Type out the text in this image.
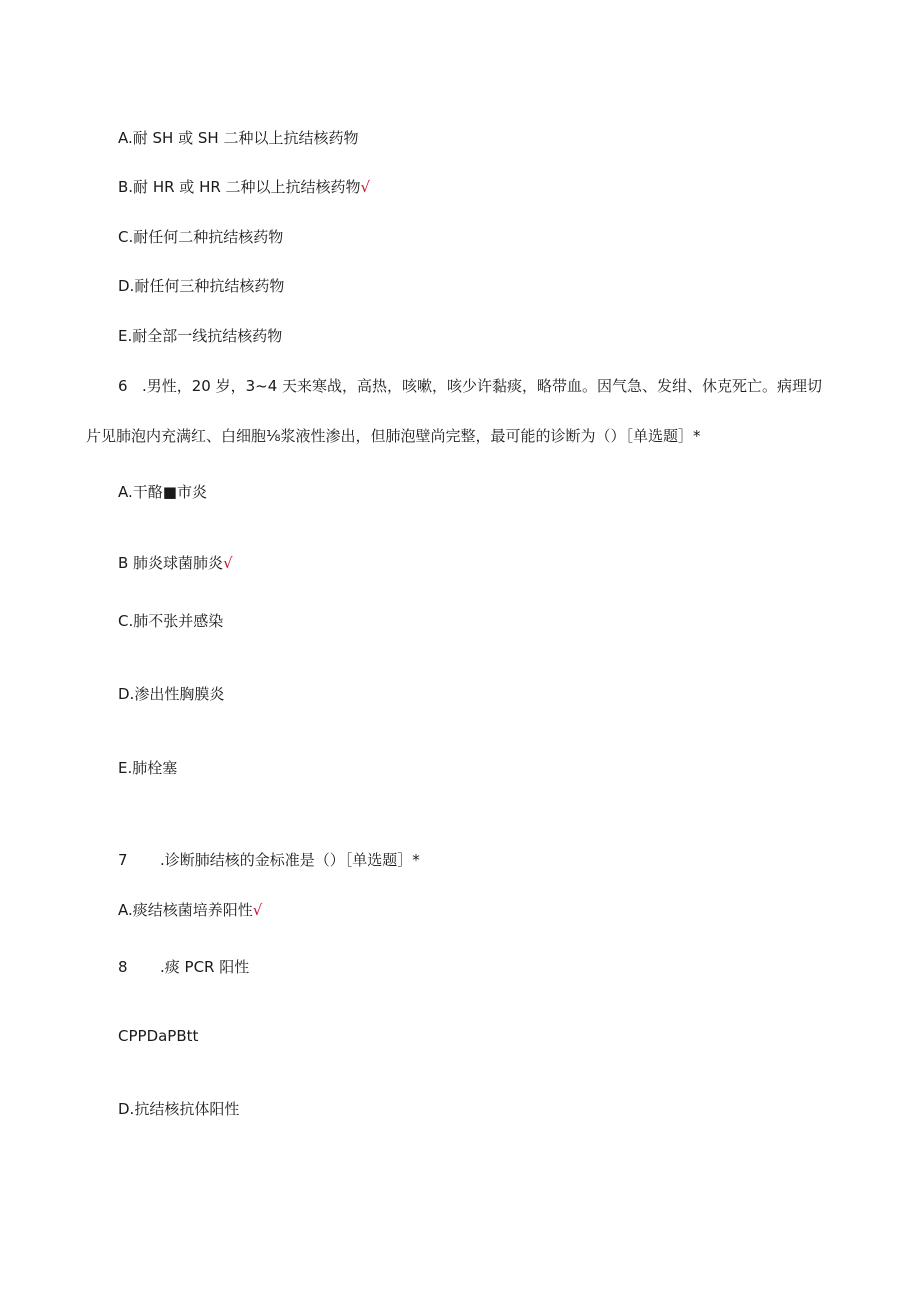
A.耐 SH 或 SH 二种以上抗结核药物
B.耐 HR 或 HR 二种以上抗结核药物√
C.耐任何二种抗结核药物
D.耐任何三种抗结核药物
E.耐全部一线抗结核药物
6 .男性，20 岁，3~4 天来寒战，高热，咳嗽，咳少许黏痰，略带血。因气急、发绀、休克死亡。病理切
片见肺泡内充满红、白细胞⅛浆液性渗出，但肺泡壁尚完整，最可能的诊断为（）［单选题］*
A.干酪■市炎
B 肺炎球菌肺炎√
C.肺不张并感染
D.渗出性胸膜炎
E.肺栓塞
7 .诊断肺结核的金标准是（）［单选题］*
A.痰结核菌培养阳性√
8 .痰 PCR 阳性
CPPDaPBtt
D.抗结核抗体阳性
